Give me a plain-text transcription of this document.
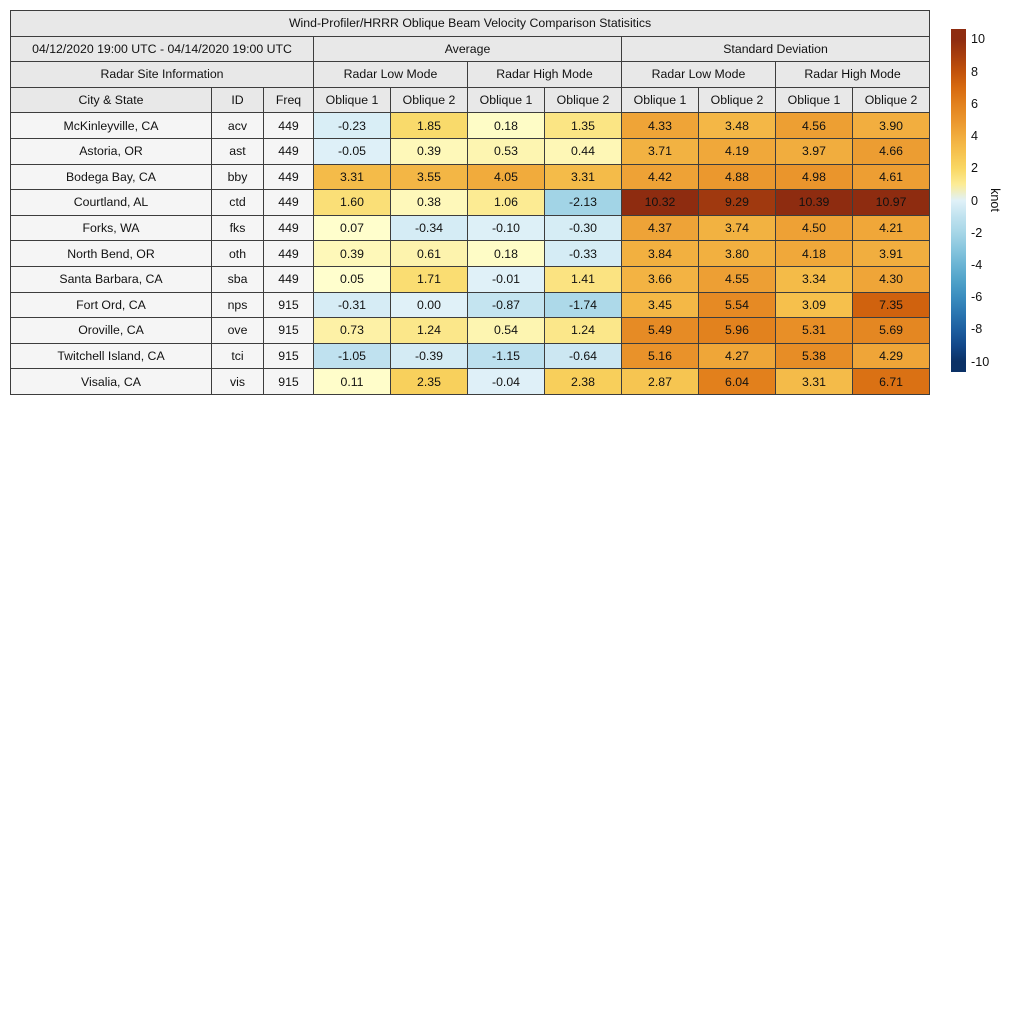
Wind-Profiler/HRRR Oblique Beam Velocity Comparison Statisitics										
04/12/2020 19:00 UTC - 04/14/2020 19:00 UTC			Average				Standard Deviation			
Radar Site Information			Radar Low Mode		Radar High Mode		Radar Low Mode		Radar High Mode	
City & State	ID	Freq	Oblique 1	Oblique 2	Oblique 1	Oblique 2	Oblique 1	Oblique 2	Oblique 1	Oblique 2
McKinleyville, CA	acv	449	-0.23	1.85	0.18	1.35	4.33	3.48	4.56	3.90
Astoria, OR	ast	449	-0.05	0.39	0.53	0.44	3.71	4.19	3.97	4.66
Bodega Bay, CA	bby	449	3.31	3.55	4.05	3.31	4.42	4.88	4.98	4.61
Courtland, AL	ctd	449	1.60	0.38	1.06	-2.13	10.32	9.29	10.39	10.97
Forks, WA	fks	449	0.07	-0.34	-0.10	-0.30	4.37	3.74	4.50	4.21
North Bend, OR	oth	449	0.39	0.61	0.18	-0.33	3.84	3.80	4.18	3.91
Santa Barbara, CA	sba	449	0.05	1.71	-0.01	1.41	3.66	4.55	3.34	4.30
Fort Ord, CA	nps	915	-0.31	0.00	-0.87	-1.74	3.45	5.54	3.09	7.35
Oroville, CA	ove	915	0.73	1.24	0.54	1.24	5.49	5.96	5.31	5.69
Twitchell Island, CA	tci	915	-1.05	-0.39	-1.15	-0.64	5.16	4.27	5.38	4.29
Visalia, CA	vis	915	0.11	2.35	-0.04	2.38	2.87	6.04	3.31	6.71
10
8
6
4
2
0
-2
-4
-6
-8
-10
knot
